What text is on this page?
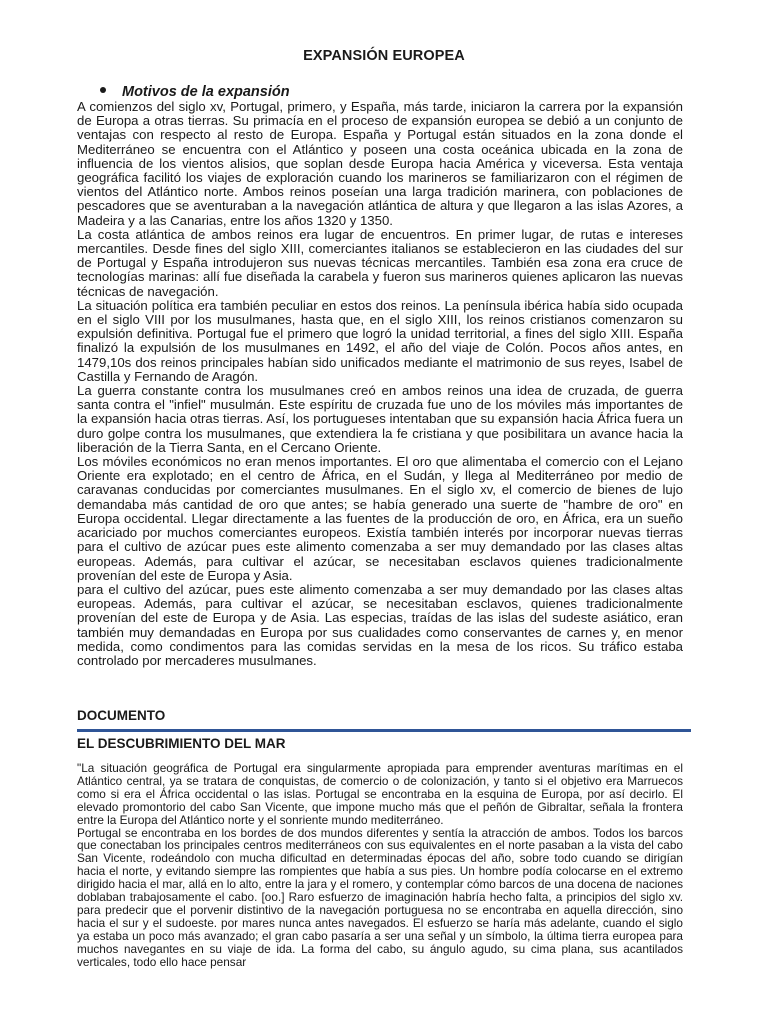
EXPANSIÓN EUROPEA
Motivos de la expansión

A comienzos del siglo xv, Portugal, primero, y España, más tarde, iniciaron la carrera por la expansión de Europa a otras tierras. Su primacía en el proceso de expansión europea se debió a un conjunto de ventajas con respecto al resto de Europa. España y Portugal están situados en la zona donde el Mediterráneo se encuentra con el Atlántico y poseen una costa oceánica ubicada en la zona de influencia de los vientos alisios, que soplan desde Europa hacia América y viceversa. Esta ventaja geográfica facilitó los viajes de exploración cuando los marineros se familiarizaron con el régimen de vientos del Atlántico norte. Ambos reinos poseían una larga tradición marinera, con poblaciones de pescadores que se aventuraban a la navegación atlántica de altura y que llegaron a las islas Azores, a Madeira y a las Canarias, entre los años 1320 y 1350.

La costa atlántica de ambos reinos era lugar de encuentros. En primer lugar, de rutas e intereses mercantiles. Desde fines del siglo XIII, comerciantes italianos se establecieron en las ciudades del sur de Portugal y España introdujeron sus nuevas técnicas mercantiles. También esa zona era cruce de tecnologías marinas: allí fue diseñada la carabela y fueron sus marineros quienes aplicaron las nuevas técnicas de navegación.

La situación política era también peculiar en estos dos reinos. La península ibérica había sido ocupada en el siglo VIII por los musulmanes, hasta que, en el siglo XIII, los reinos cristianos comenzaron su expulsión definitiva. Portugal fue el primero que logró la unidad territorial, a fines del siglo XIII. España finalizó la expulsión de los musulmanes en 1492, el año del viaje de Colón. Pocos años antes, en 1479,10s dos reinos principales habían sido unificados mediante el matrimonio de sus reyes, Isabel de Castilla y Fernando de Aragón.

La guerra constante contra los musulmanes creó en ambos reinos una idea de cruzada, de guerra santa contra el "infiel" musulmán. Este espíritu de cruzada fue uno de los móviles más importantes de la expansión hacia otras tierras. Así, los portugueses intentaban que su expansión hacia África fuera un duro golpe contra los musulmanes, que extendiera la fe cristiana y que posibilitara un avance hacia la liberación de la Tierra Santa, en el Cercano Oriente.

Los móviles económicos no eran menos importantes. El oro que alimentaba el comercio con el Lejano Oriente era explotado; en el centro de África, en el Sudán, y llega al Mediterráneo por medio de caravanas conducidas por comerciantes musulmanes. En el siglo xv, el comercio de bienes de lujo demandaba más cantidad de oro que antes; se había generado una suerte de "hambre de oro" en Europa occidental. Llegar directamente a las fuentes de la producción de oro, en África, era un sueño acariciado por muchos comerciantes europeos. Existía también interés por incorporar nuevas tierras para el cultivo de azúcar pues este alimento comenzaba a ser muy demandado por las clases altas europeas. Además, para cultivar el azúcar, se necesitaban esclavos quienes tradicionalmente provenían del este de Europa y Asia.

para el cultivo del azúcar, pues este alimento comenzaba a ser muy demandado por las clases altas europeas. Además, para cultivar el azúcar, se necesitaban esclavos, quienes tradicionalmente provenían del este de Europa y de Asia. Las especias, traídas de las islas del sudeste asiático, eran también muy demandadas en Europa por sus cualidades como conservantes de carnes y, en menor medida, como condimentos para las comidas servidas en la mesa de los ricos. Su tráfico estaba controlado por mercaderes musulmanes.

DOCUMENTO
EL DESCUBRIMIENTO DEL MAR

"La situación geográfica de Portugal era singularmente apropiada para emprender aventuras marítimas en el Atlántico central, ya se tratara de conquistas, de comercio o de colonización, y tanto si el objetivo era Marruecos como si era el África occidental o las islas. Portugal se encontraba en la esquina de Europa, por así decirlo. El elevado promontorio del cabo San Vicente, que impone mucho más que el peñón de Gibraltar, señala la frontera entre la Europa del Atlántico norte y el sonriente mundo mediterráneo.

Portugal se encontraba en los bordes de dos mundos diferentes y sentía la atracción de ambos. Todos los barcos que conectaban los principales centros mediterráneos con sus equivalentes en el norte pasaban a la vista del cabo San Vicente, rodeándolo con mucha dificultad en determinadas épocas del año, sobre todo cuando se dirigían hacia el norte, y evitando siempre las rompientes que había a sus pies. Un hombre podía colocarse en el extremo dirigido hacia el mar, allá en lo alto, entre la jara y el romero, y contemplar cómo barcos de una docena de naciones doblaban trabajosamente el cabo. [oo.] Raro esfuerzo de imaginación habría hecho falta, a principios del siglo xv. para predecir que el porvenir distintivo de la navegación portuguesa no se encontraba en aquella dirección, sino hacia el sur y el sudoeste. por mares nunca antes navegados. El esfuerzo se haría más adelante, cuando el siglo ya estaba un poco más avanzado; el gran cabo pasaría a ser una señal y un símbolo, la última tierra europea para muchos navegantes en su viaje de ida. La forma del cabo, su ángulo agudo, su cima plana, sus acantilados verticales, todo ello hace pensar
